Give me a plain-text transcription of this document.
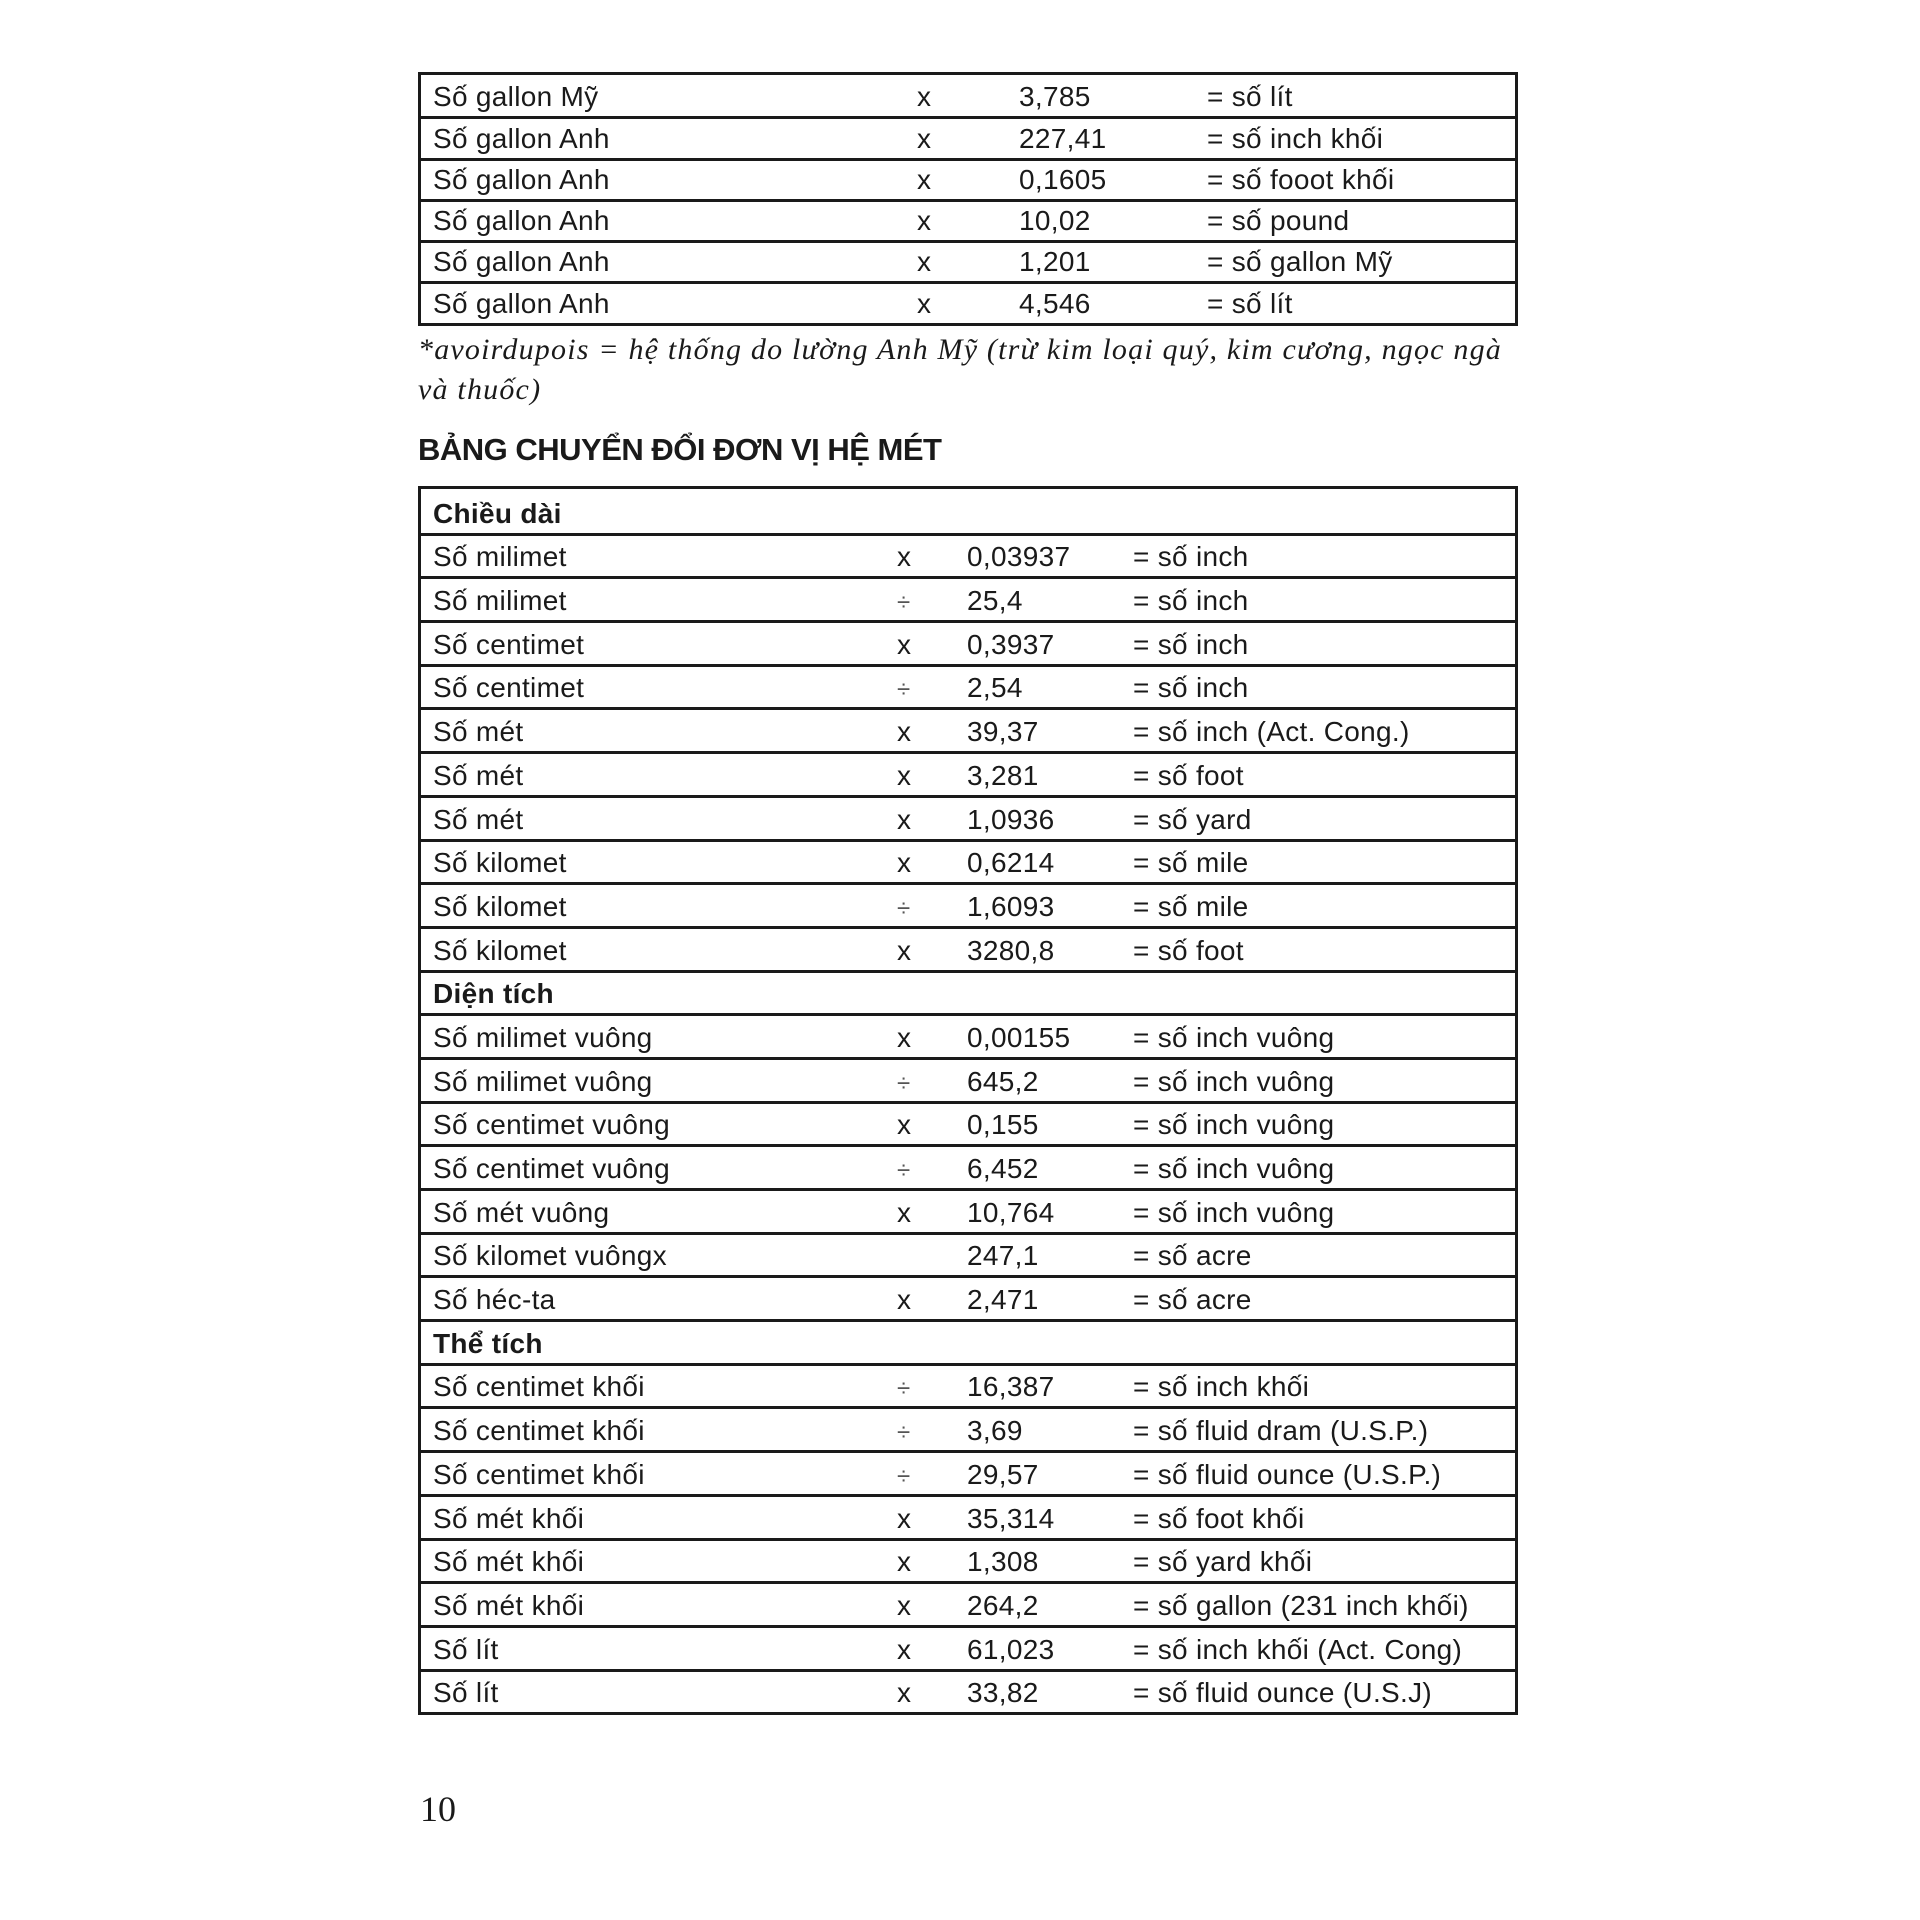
Số gallon Mỹ	x	3,785	= số lít
Số gallon Anh	x	227,41	= số inch khối
Số gallon Anh	x	0,1605	= số fooot khối
Số gallon Anh	x	10,02	= số pound
Số gallon Anh	x	1,201	= số gallon Mỹ
Số gallon Anh	x	4,546	= số lít
*avoirdupois = hệ thống do lường Anh Mỹ (trừ kim loại quý, kim cương, ngọc ngà và thuốc)
BẢNG CHUYỂN ĐỔI ĐƠN VỊ HỆ MÉT
Chiều dài
Số milimet	x 0,03937 = số inch
Số milimet	÷ 25,4	= số inch
Số centimet	x 0,3937	= số inch
Số centimet	÷ 2,54	= số inch
Số mét	x 39,37	= số inch (Act. Cong.)
Số mét	x 3,281	= số foot
Số mét	x 1,0936	= số yard
Số kilomet	x 0,6214	= số mile
Số kilomet	÷ 1,6093	= số mile
Số kilomet	x 3280,8	= số foot
Diện tích
Số milimet vuông	x 0,00155 = số inch vuông
Số milimet vuông	÷ 645,2	= số inch vuông
Số centimet vuông	x 0,155	= số inch vuông
Số centimet vuông	÷ 6,452	= số inch vuông
Số mét vuông	x 10,764	= số inch vuông
Số kilomet vuôngx	247,1	= số acre
Số héc-ta	x 2,471	= số acre
Thể tích
Số centimet khối	÷ 16,387	= số inch khối
Số centimet khối	÷ 3,69	= số fluid dram (U.S.P.)
Số centimet khối	÷ 29,57	= số fluid ounce (U.S.P.)
Số mét khối	x 35,314	= số foot khối
Số mét khối	x 1,308	= số yard khối
Số mét khối	x 264,2	= số gallon (231 inch khối)
Số lít	x 61,023	= số inch khối (Act. Cong)
Số lít	x 33,82	= số fluid ounce (U.S.J)
10
